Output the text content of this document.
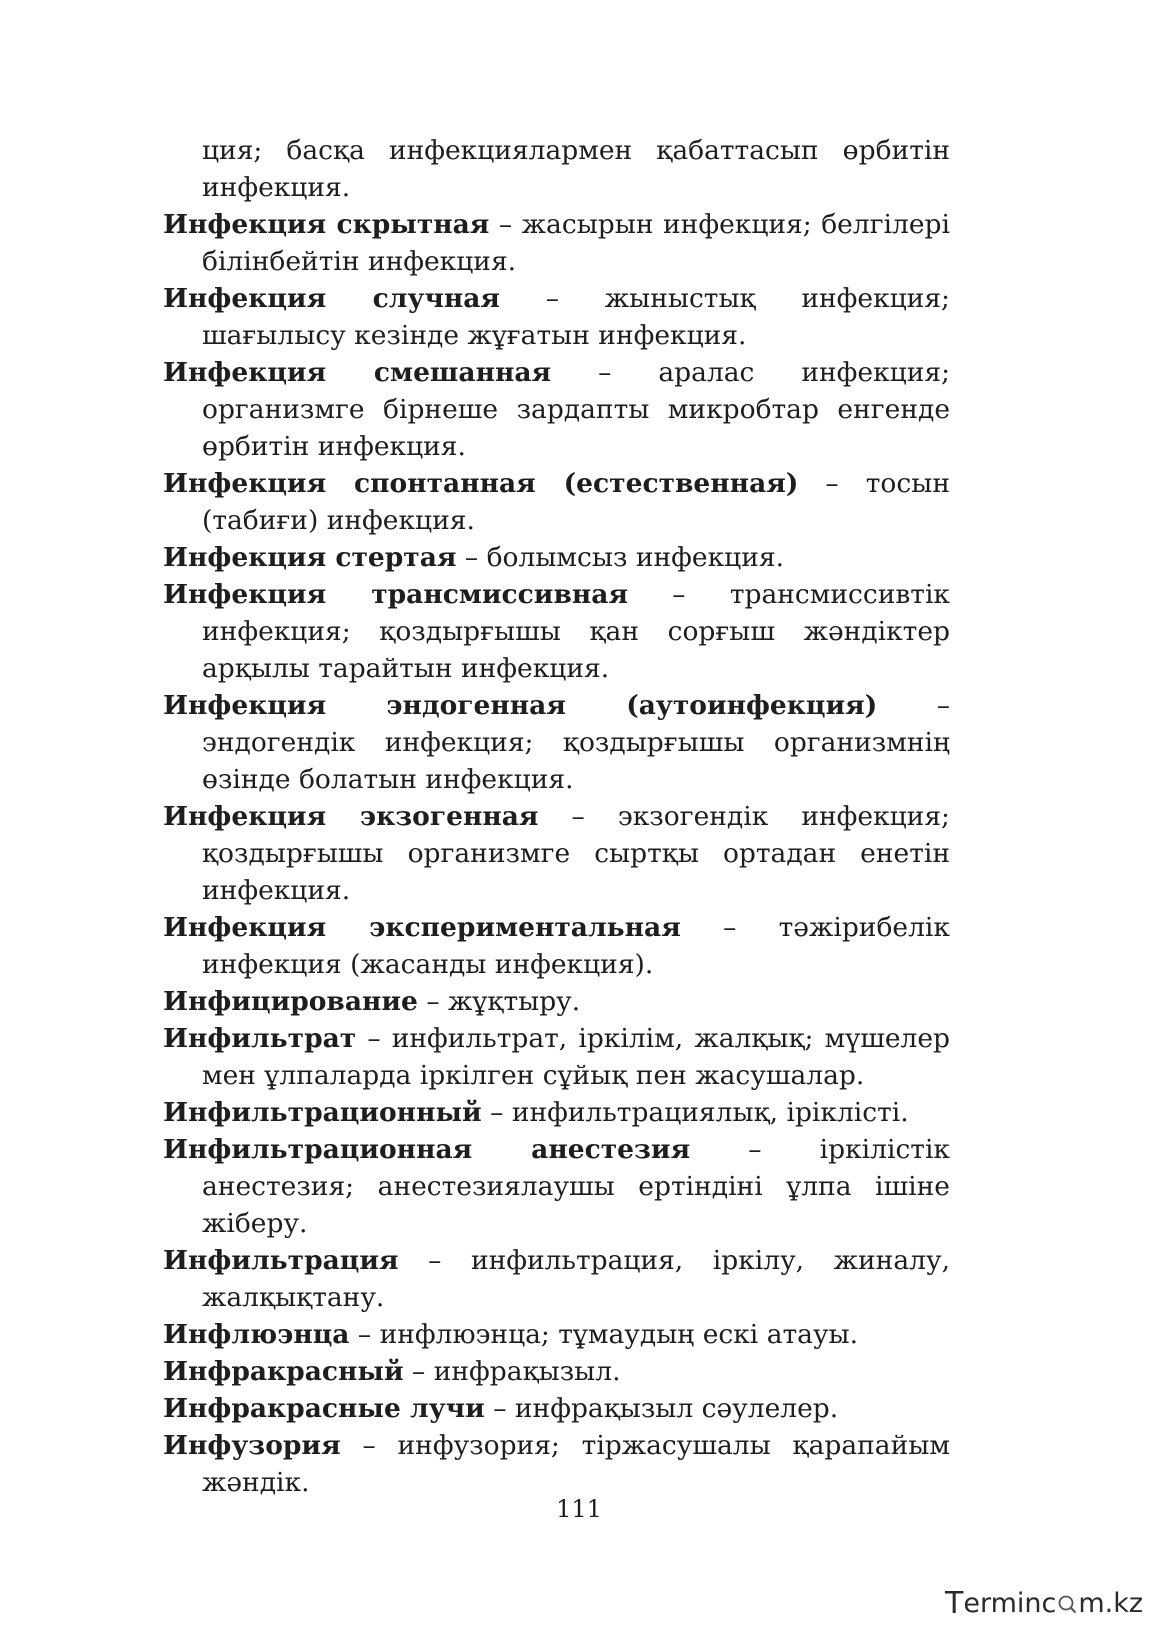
ция; басқа инфекциялармен қабаттасып өрбитін инфекция.

Инфекция скрытная – жасырын инфекция; белгілері білінбейтін инфекция.

Инфекция случная – жыныстық инфекция; шағылысу кезінде жұғатын инфекция.

Инфекция смешанная – аралас инфекция; организмге бірнеше зардапты микробтар енгенде өрбитін инфекция.

Инфекция спонтанная (естественная) – тосын (табиғи) инфекция.

Инфекция стертая – болымсыз инфекция.

Инфекция трансмиссивная – трансмиссивтік инфекция; қоздырғышы қан сорғыш жәндіктер арқылы тарайтын инфекция.

Инфекция эндогенная (аутоинфекция) – эндогендік инфекция; қоздырғышы организмнің өзінде болатын инфекция.

Инфекция экзогенная – экзогендік инфекция; қоздырғышы организмге сыртқы ортадан енетін инфекция.

Инфекция экспериментальная – тәжірибелік инфекция (жасанды инфекция).

Инфицирование – жұқтыру.

Инфильтрат – инфильтрат, іркілім, жалқық; мүшелер мен ұлпаларда іркілген сұйық пен жасушалар.

Инфильтрационный – инфильтрациялық, іріклісті.

Инфильтрационная анестезия – іркілістік анестезия; анестезиялаушы ертіндіні ұлпа ішіне жіберу.

Инфильтрация – инфильтрация, іркілу, жиналу, жалқықтану.

Инфлюэнца – инфлюэнца; тұмаудың ескі атауы.

Инфракрасный – инфрақызыл.

Инфракрасные лучи – инфрақызыл сәулелер.

Инфузория – инфузория; тіржасушалы қарапайым жәндік.

111
T erminc m.kz
